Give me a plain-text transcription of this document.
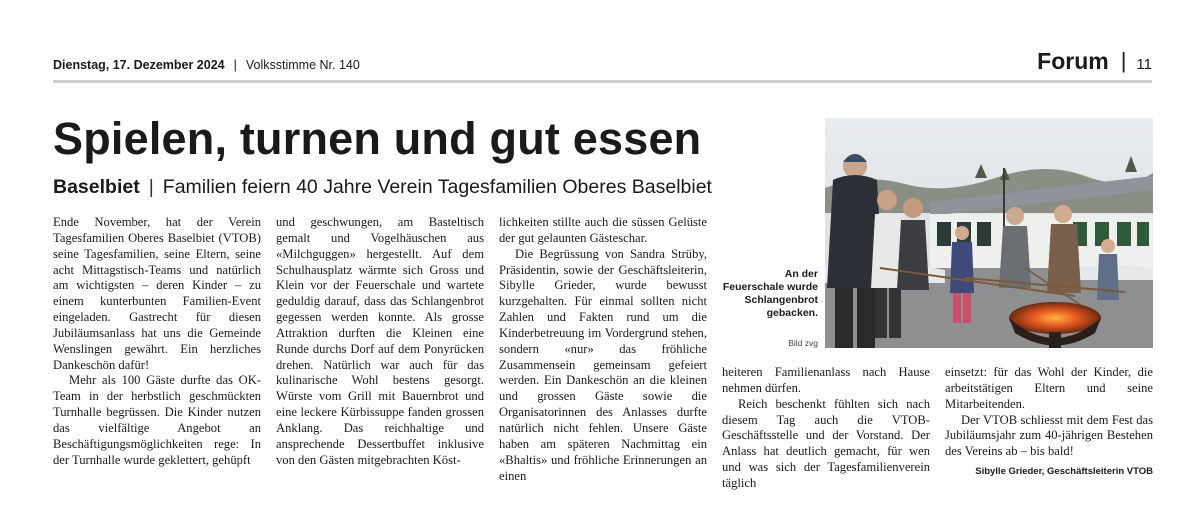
Dienstag, 17. Dezember 2024 | Volksstimme Nr. 140	Forum | 11
Spielen, turnen und gut essen
Baselbiet | Familien feiern 40 Jahre Verein Tagesfamilien Oberes Baselbiet
An der Feuerschale wurde Schlangenbrot gebacken.
Bild zvg

Ende November, hat der Verein Tagesfamilien Oberes Baselbiet (VTOB) seine Tagesfamilien, seine Eltern, seine acht Mittagstisch-Teams und natürlich am wichtigsten – deren Kinder – zu einem kunterbunten Familien-Event eingeladen. Gastrecht für diesen Jubiläumsanlass hat uns die Gemeinde Wenslingen gewährt. Ein herzliches Dankeschön dafür!

Mehr als 100 Gäste durfte das OK-Team in der herbstlich geschmückten Turnhalle begrüssen. Die Kinder nutzen das vielfältige Angebot an Beschäftigungsmöglichkeiten rege: In der Turnhalle wurde geklettert, gehüpft

und geschwungen, am Basteltisch gemalt und Vogelhäuschen aus «Milchguggen» hergestellt. Auf dem Schulhausplatz wärmte sich Gross und Klein vor der Feuerschale und wartete geduldig darauf, dass das Schlangenbrot gegessen werden konnte. Als grosse Attraktion durften die Kleinen eine Runde durchs Dorf auf dem Ponyrücken drehen. Natürlich war auch für das kulinarische Wohl bestens gesorgt. Würste vom Grill mit Bauernbrot und eine leckere Kürbissuppe fanden grossen Anklang. Das reichhaltige und ansprechende Dessertbuffet inklusive von den Gästen mitgebrachten Köst-

lichkeiten stillte auch die süssen Gelüste der gut gelaunten Gästeschar.

Die Begrüssung von Sandra Strüby, Präsidentin, sowie der Geschäftsleiterin, Sibylle Grieder, wurde bewusst kurzgehalten. Für einmal sollten nicht Zahlen und Fakten rund um die Kinderbetreuung im Vordergrund stehen, sondern «nur» das fröhliche Zusammensein gemeinsam gefeiert werden. Ein Dankeschön an die kleinen und grossen Gäste sowie die Organisatorinnen des Anlasses durfte natürlich nicht fehlen. Unsere Gäste haben am späteren Nachmittag ein «Bhaltis» und fröhliche Erinnerungen an einen

heiteren Familienanlass nach Hause nehmen dürfen.

Reich beschenkt fühlten sich nach diesem Tag auch die VTOB-Geschäftsstelle und der Vorstand. Der Anlass hat deutlich gemacht, für wen und was sich der Tagesfamilienverein täglich

einsetzt: für das Wohl der Kinder, die arbeitstätigen Eltern und seine Mitarbeitenden.

Der VTOB schliesst mit dem Fest das Jubiläumsjahr zum 40-jährigen Bestehen des Vereins ab – bis bald!

Sibylle Grieder, Geschäftsleiterin VTOB
